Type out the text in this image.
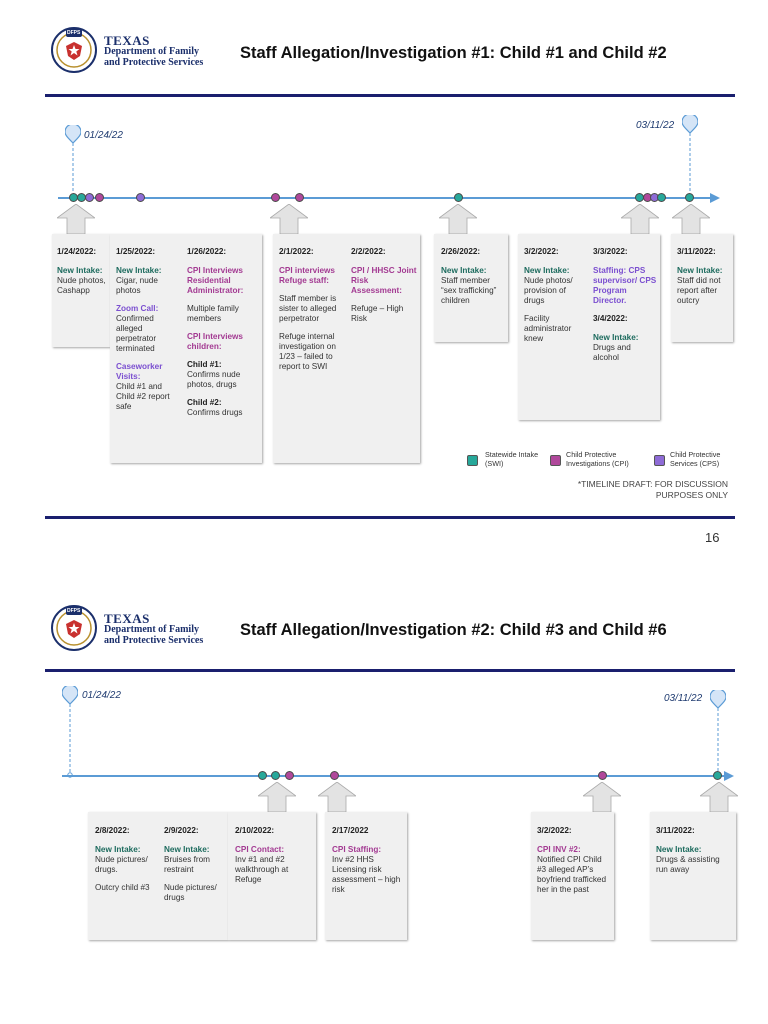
DFPS TEXAS
Department of Family
and Protective Services
Staff Allegation/Investigation #1: Child #1 and Child #2
01/24/22
03/11/22
1/24/2022:
New Intake:
Nude photos, Cashapp
1/25/2022:
New Intake:
Cigar, nude photos
Zoom Call:
Confirmed alleged perpetrator terminated
Caseworker Visits:
Child #1 and Child #2 report safe
1/26/2022:
CPI Interviews Residential Administrator:
Multiple family members
CPI Interviews children:
Child #1:
Confirms nude photos, drugs
Child #2:
Confirms drugs
2/1/2022:
CPI interviews Refuge staff:
Staff member is sister to alleged perpetrator
Refuge internal investigation on 1/23 – failed to report to SWI
2/2/2022:
CPI / HHSC Joint Risk Assessment:
Refuge – High Risk
2/26/2022:
New Intake:
Staff member “sex trafficking” children
3/2/2022:
New Intake:
Nude photos/ provision of drugs
Facility administrator knew
3/3/2022:
Staffing: CPS supervisor/ CPS Program Director.
3/4/2022:
New Intake:
Drugs and alcohol
3/11/2022:
New Intake:
Staff did not report after outcry
Statewide Intake (SWI)
Child Protective Investigations (CPI)
Child Protective Services (CPS)
*TIMELINE DRAFT: FOR DISCUSSION PURPOSES ONLY
16
DFPS TEXAS
Department of Family
and Protective Services
Staff Allegation/Investigation #2: Child #3 and Child #6
01/24/22	03/11/22
2/8/2022:
New Intake:
Nude pictures/ drugs.
Outcry child #3
2/9/2022:
New Intake:
Bruises from restraint
Nude pictures/ drugs
2/10/2022:
CPI Contact:
Inv #1 and #2 walkthrough at Refuge
2/17/2022
CPI Staffing:
Inv #2 HHS Licensing risk assessment – high risk
3/2/2022:
CPI INV #2:
Notified CPI Child #3 alleged AP’s boyfriend trafficked her in the past
3/11/2022:
New Intake:
Drugs & assisting run away
